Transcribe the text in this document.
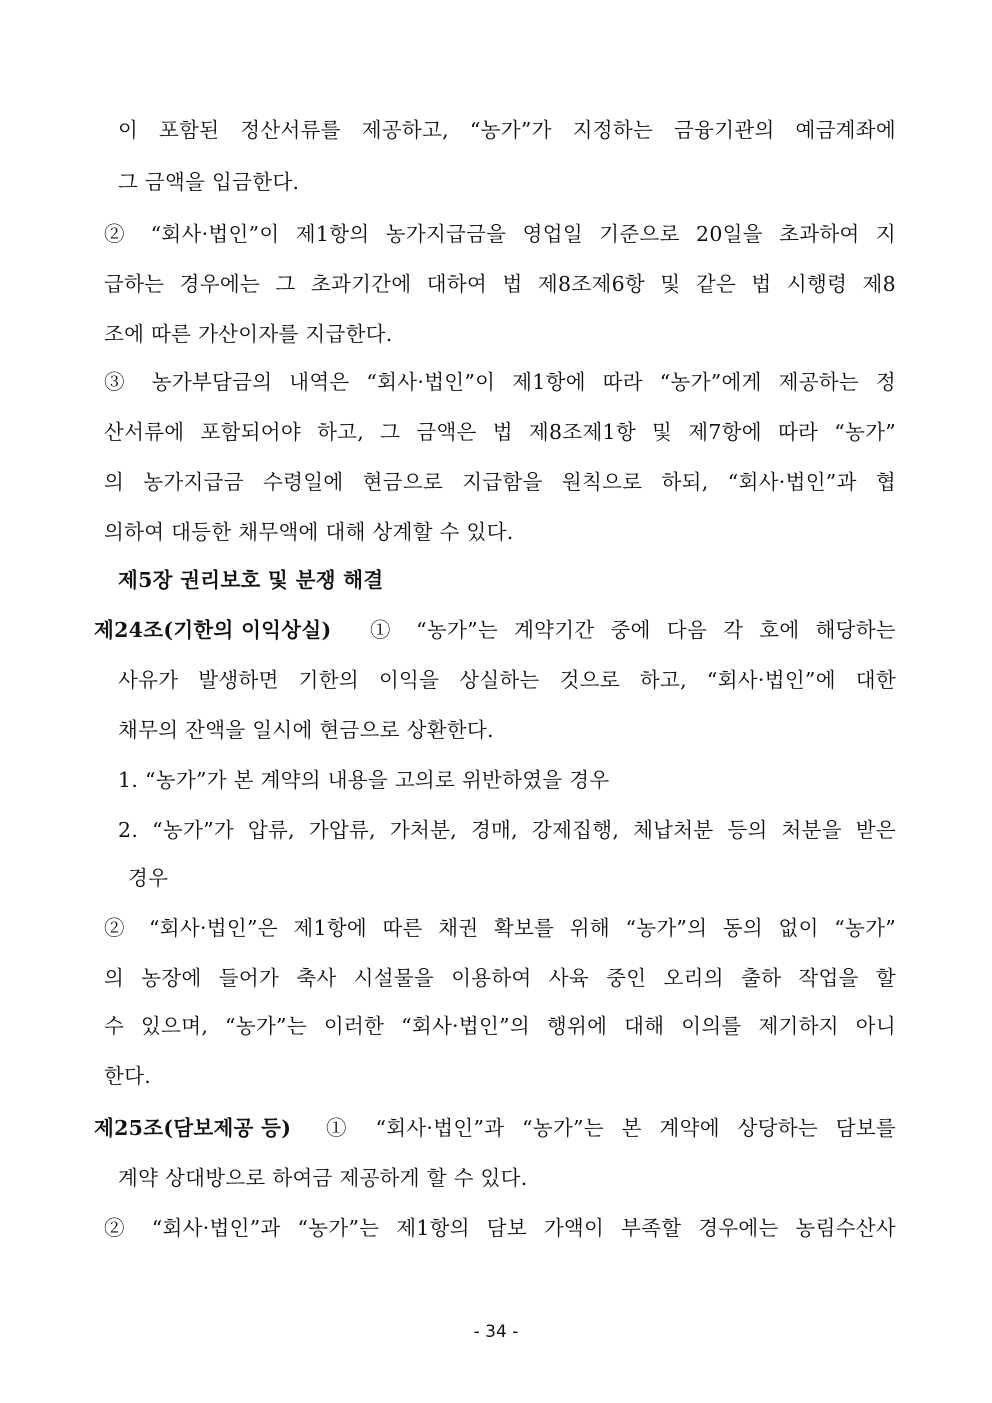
이 포함된 정산서류를 제공하고, “농가”가 지정하는 금융기관의 예금계좌에
그 금액을 입금한다.
② “회사·법인”이 제1항의 농가지급금을 영업일 기준으로 20일을 초과하여 지
급하는 경우에는 그 초과기간에 대하여 법 제8조제6항 및 같은 법 시행령 제8
조에 따른 가산이자를 지급한다.
③ 농가부담금의 내역은 “회사·법인”이 제1항에 따라 “농가”에게 제공하는 정
산서류에 포함되어야 하고, 그 금액은 법 제8조제1항 및 제7항에 따라 “농가”
의 농가지급금 수령일에 현금으로 지급함을 원칙으로 하되, “회사·법인”과 협
의하여 대등한 채무액에 대해 상계할 수 있다.
제5장 권리보호 및 분쟁 해결
제24조(기한의 이익상실) ① “농가”는 계약기간 중에 다음 각 호에 해당하는
사유가 발생하면 기한의 이익을 상실하는 것으로 하고, “회사·법인”에 대한
채무의 잔액을 일시에 현금으로 상환한다.
1. “농가”가 본 계약의 내용을 고의로 위반하였을 경우
2. “농가”가 압류, 가압류, 가처분, 경매, 강제집행, 체납처분 등의 처분을 받은
경우
② “회사·법인”은 제1항에 따른 채권 확보를 위해 “농가”의 동의 없이 “농가”
의 농장에 들어가 축사 시설물을 이용하여 사육 중인 오리의 출하 작업을 할
수 있으며, “농가”는 이러한 “회사·법인”의 행위에 대해 이의를 제기하지 아니
한다.
제25조(담보제공 등) ① “회사·법인”과 “농가”는 본 계약에 상당하는 담보를
계약 상대방으로 하여금 제공하게 할 수 있다.
② “회사·법인”과 “농가”는 제1항의 담보 가액이 부족할 경우에는 농림수산사
- 34 -
